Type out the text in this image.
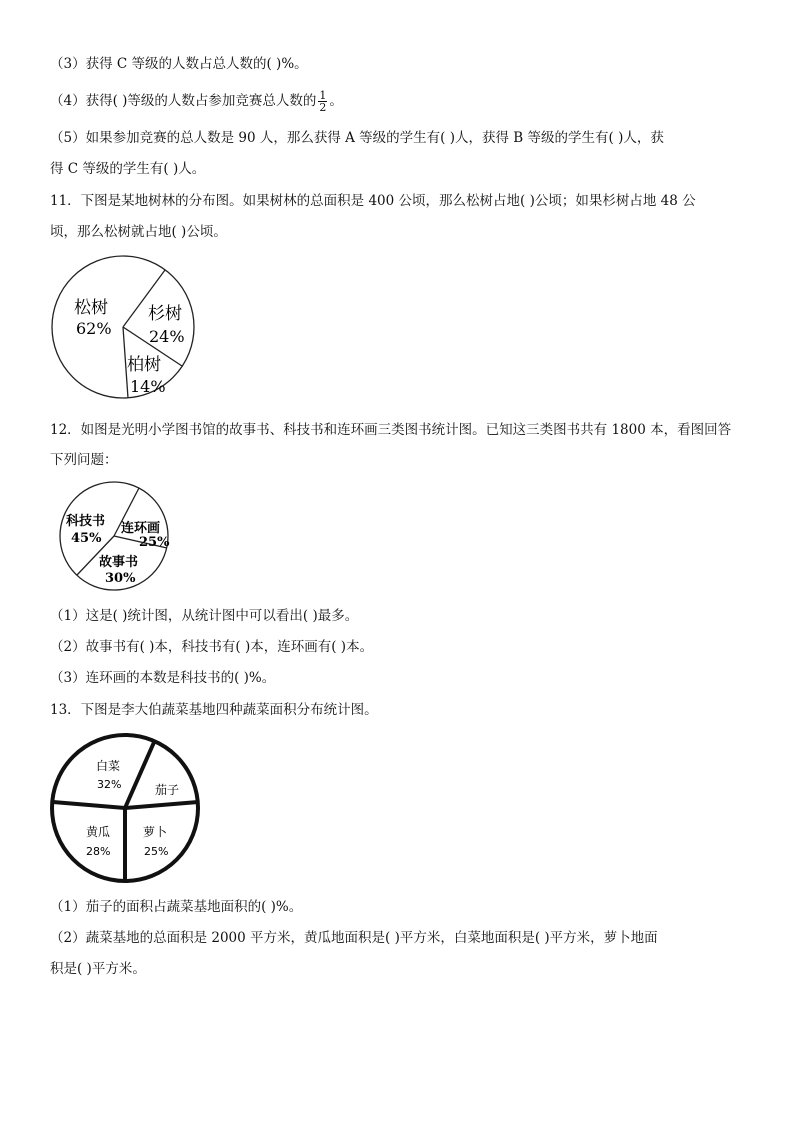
（3）获得 C 等级的人数占总人数的( )%。
（4）获得( )等级的人数占参加竞赛总人数的 $\frac{1}{2}$ 。
（5）如果参加竞赛的总人数是 90 人，那么获得 A 等级的学生有( )人，获得 B 等级的学生有( )人，获
得 C 等级的学生有( )人。
11．下图是某地树林的分布图。如果树林的总面积是 400 公顷，那么松树占地( )公顷；如果杉树占地 48 公
顷，那么松树就占地( )公顷。
松树
62%
杉树
24%
柏树
14%
12．如图是光明小学图书馆的故事书、科技书和连环画三类图书统计图。已知这三类图书共有 1800 本，看图回答
下列问题：
科技书
45%
连环画
25%
故事书
30%
（1）这是( )统计图，从统计图中可以看出( )最多。
（2）故事书有( )本，科技书有( )本，连环画有( )本。
（3）连环画的本数是科技书的( )%。
13．下图是李大伯蔬菜基地四种蔬菜面积分布统计图。
白菜
32%	茄子
萝卜
25%
黄瓜
28%
（1）茄子的面积占蔬菜基地面积的( )%。
（2）蔬菜基地的总面积是 2000 平方米，黄瓜地面积是( )平方米，白菜地面积是( )平方米，萝卜地面
积是( )平方米。
